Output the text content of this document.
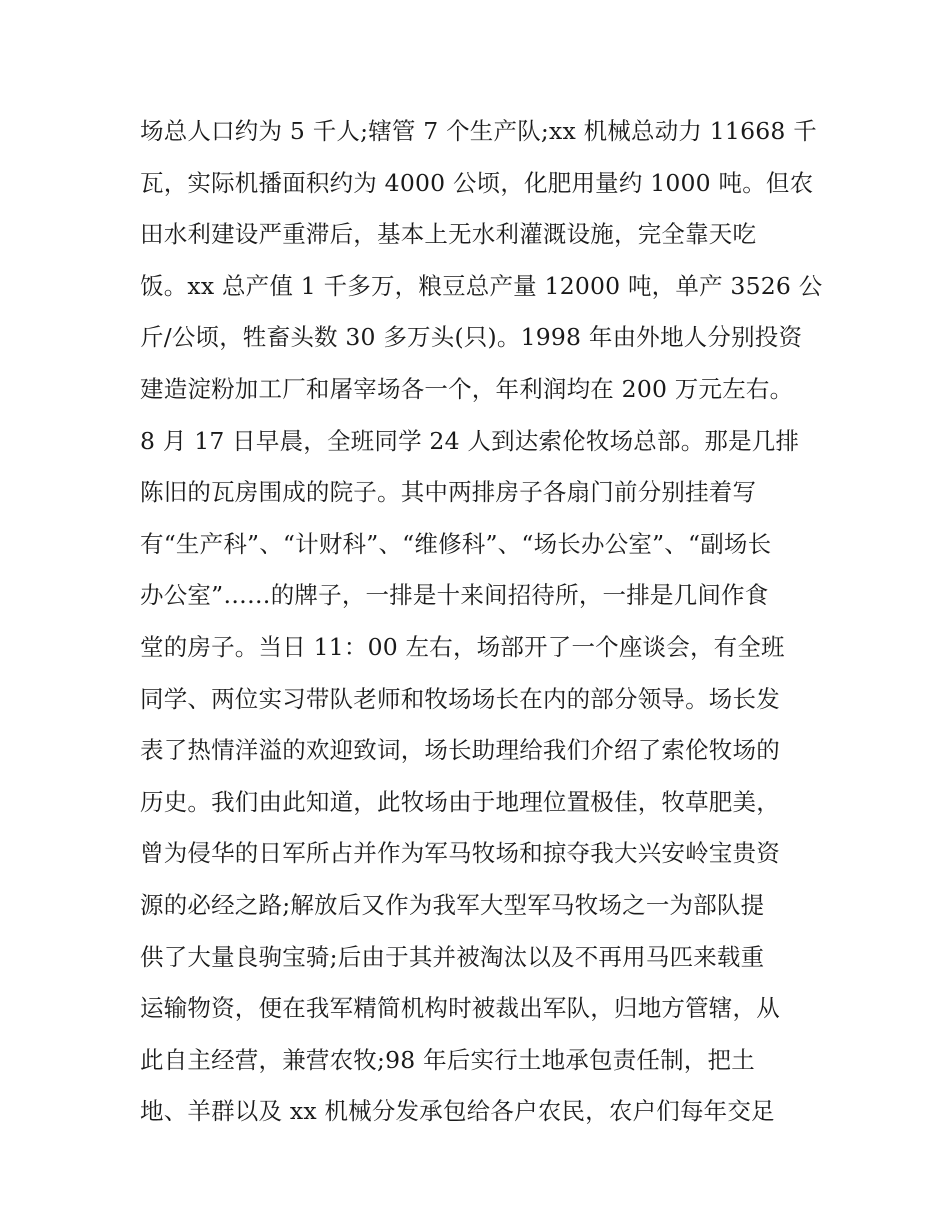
场总人口约为 5 千人;辖管 7 个生产队;xx 机械总动力 11668 千
瓦，实际机播面积约为 4000 公顷，化肥用量约 1000 吨。但农
田水利建设严重滞后，基本上无水利灌溉设施，完全靠天吃
饭。xx 总产值 1 千多万，粮豆总产量 12000 吨，单产 3526 公
斤/公顷，牲畜头数 30 多万头(只)。1998 年由外地人分别投资
建造淀粉加工厂和屠宰场各一个，年利润均在 200 万元左右。
8 月 17 日早晨，全班同学 24 人到达索伦牧场总部。那是几排
陈旧的瓦房围成的院子。其中两排房子各扇门前分别挂着写
有“生产科”、“计财科”、“维修科”、“场长办公室”、“副场长
办公室”……的牌子，一排是十来间招待所，一排是几间作食
堂的房子。当日 11：00 左右，场部开了一个座谈会，有全班
同学、两位实习带队老师和牧场场长在内的部分领导。场长发
表了热情洋溢的欢迎致词，场长助理给我们介绍了索伦牧场的
历史。我们由此知道，此牧场由于地理位置极佳，牧草肥美，
曾为侵华的日军所占并作为军马牧场和掠夺我大兴安岭宝贵资
源的必经之路;解放后又作为我军大型军马牧场之一为部队提
供了大量良驹宝骑;后由于其并被淘汰以及不再用马匹来载重
运输物资，便在我军精简机构时被裁出军队，归地方管辖，从
此自主经营，兼营农牧;98 年后实行土地承包责任制，把土
地、羊群以及 xx 机械分发承包给各户农民，农户们每年交足
